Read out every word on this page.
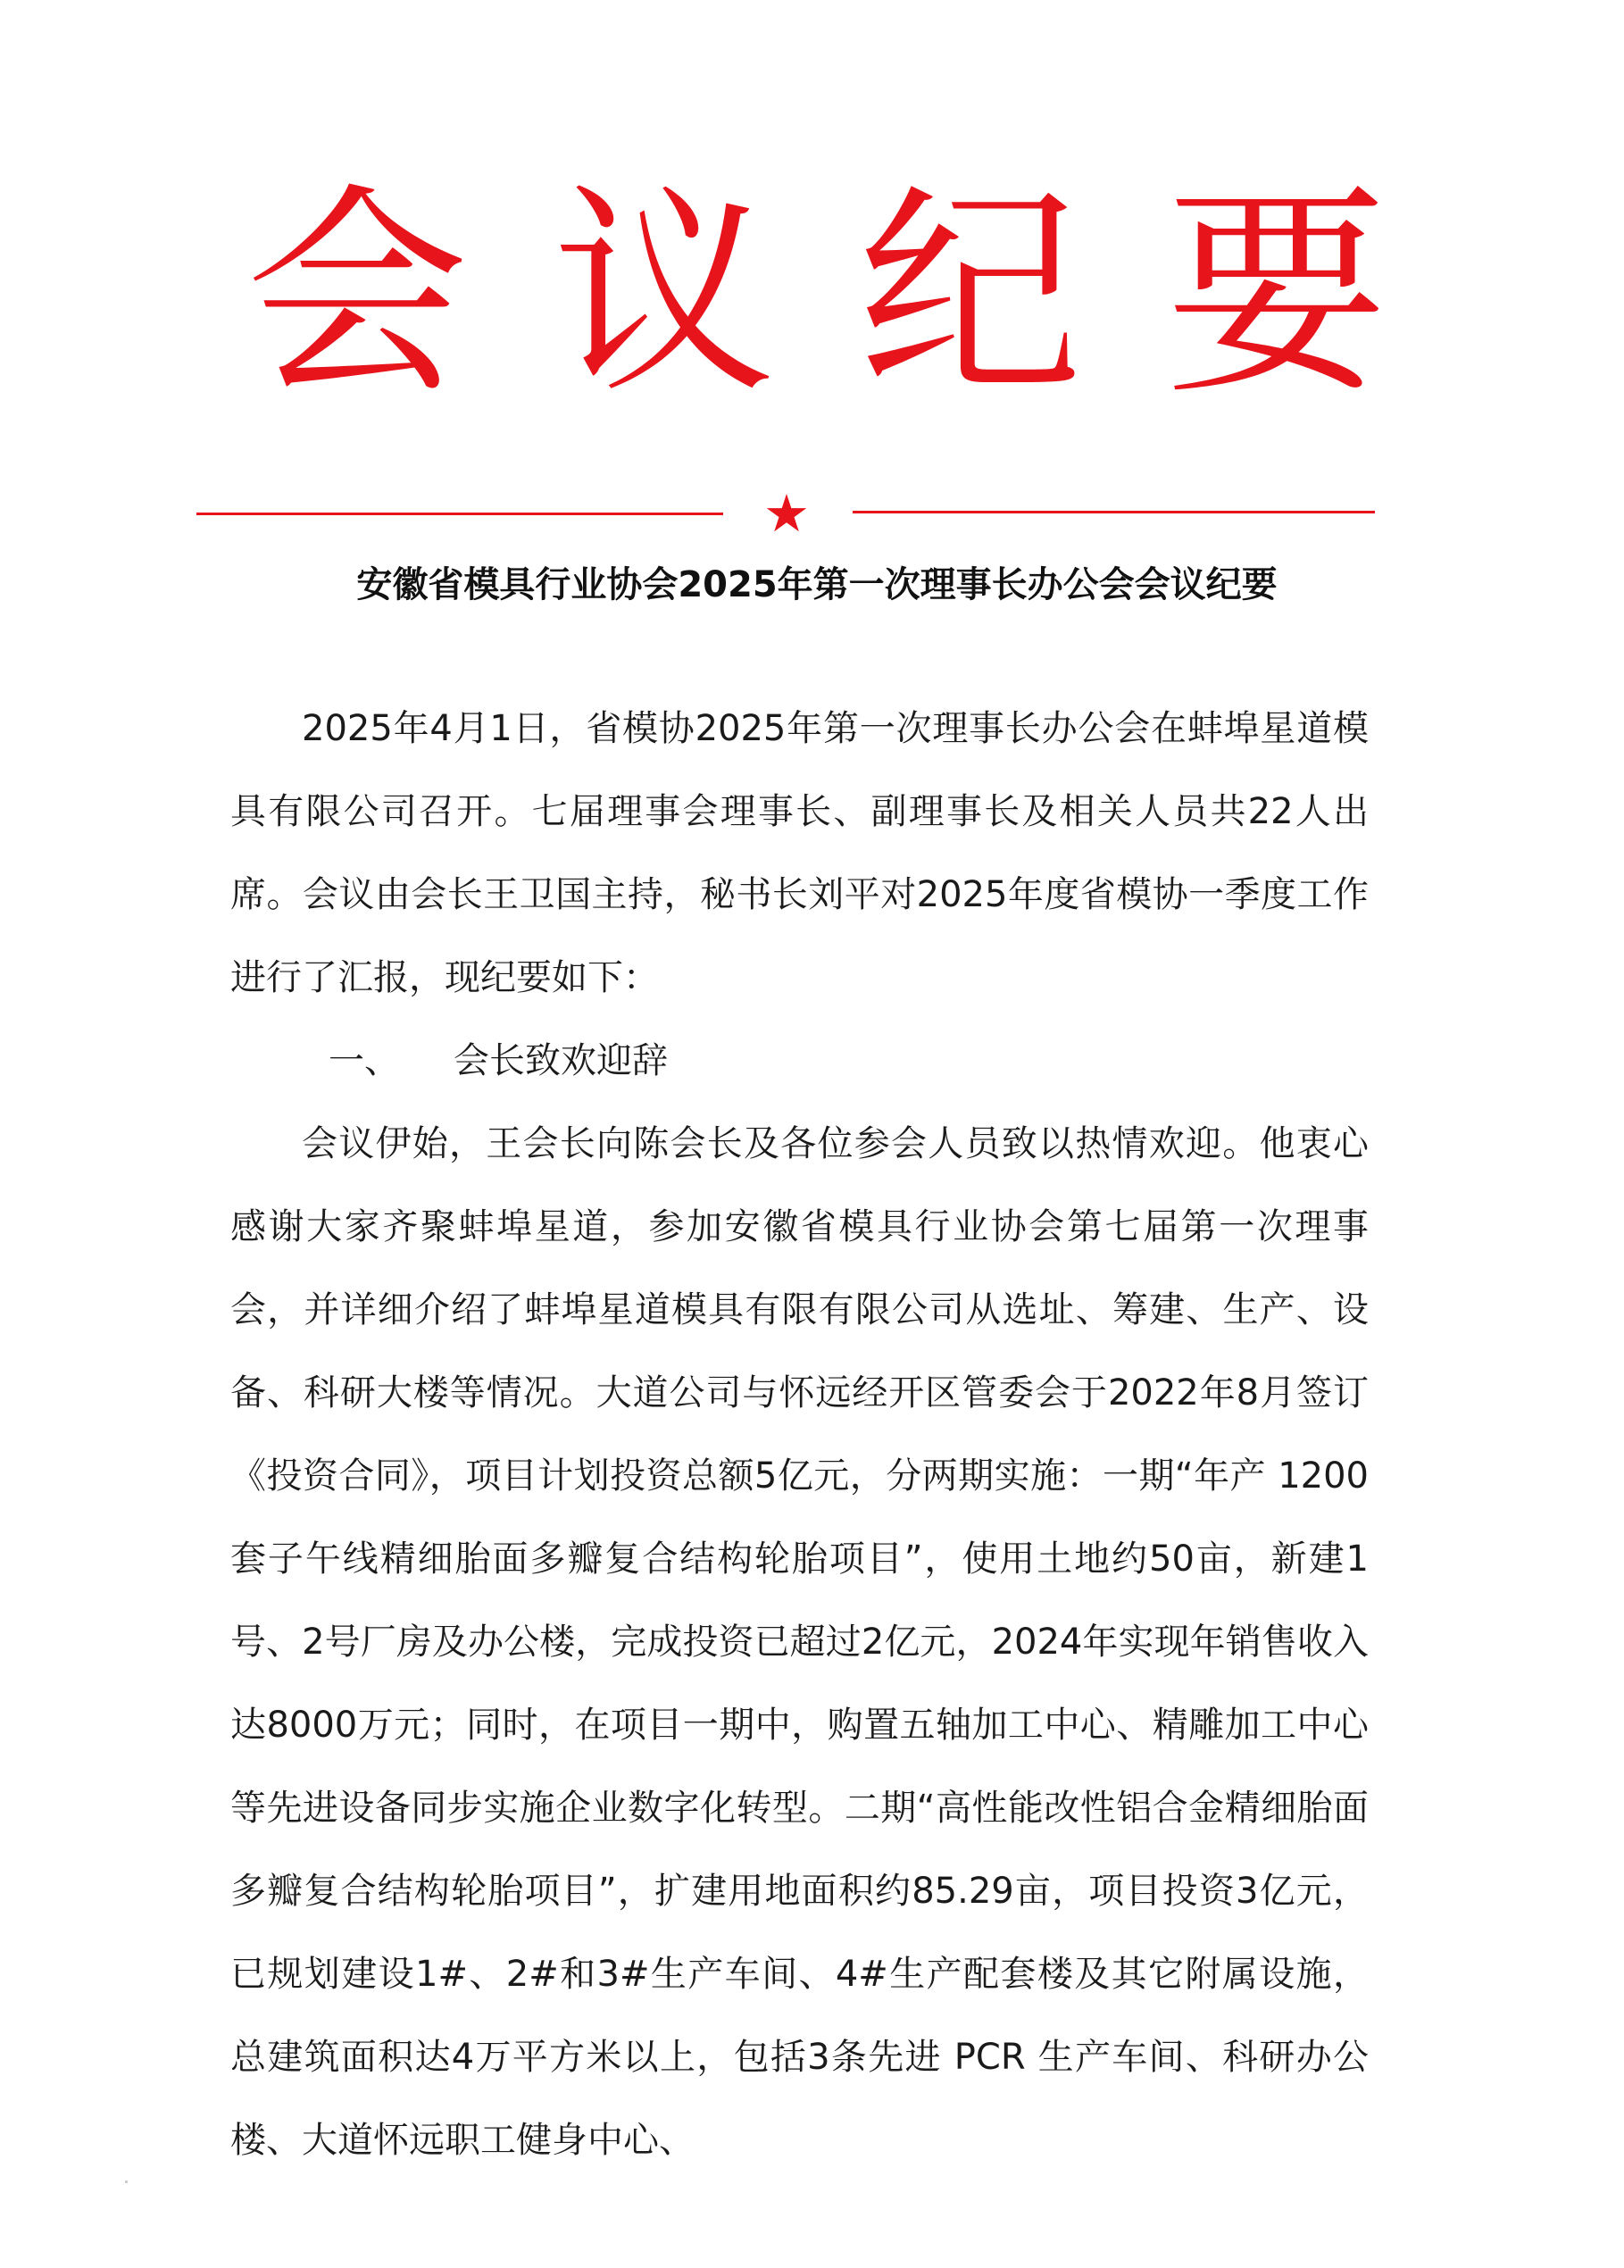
会 议 纪 要
★
安徽省模具行业协会2025年第一次理事长办公会会议纪要

2025年4月1日，省模协2025年第一次理事长办公会在蚌埠星道模具有限公司召开。七届理事会理事长、副理事长及相关人员共22人出席。会议由会长王卫国主持，秘书长刘平对2025年度省模协一季度工作进行了汇报，现纪要如下：

一、 会长致欢迎辞

会议伊始，王会长向陈会长及各位参会人员致以热情欢迎。他衷心感谢大家齐聚蚌埠星道，参加安徽省模具行业协会第七届第一次理事会，并详细介绍了蚌埠星道模具有限有限公司从选址、筹建、生产、设备、科研大楼等情况。大道公司与怀远经开区管委会于2022年8月签订《投资合同》，项目计划投资总额5亿元，分两期实施：一期“年产 1200套子午线精细胎面多瓣复合结构轮胎项目”，使用土地约50亩，新建1号、2号厂房及办公楼，完成投资已超过2亿元，2024年实现年销售收入达8000万元；同时，在项目一期中，购置五轴加工中心、精雕加工中心等先进设备同步实施企业数字化转型。二期“高性能改性铝合金精细胎面多瓣复合结构轮胎项目”，扩建用地面积约85.29亩，项目投资3亿元，已规划建设1#、2#和3#生产车间、4#生产配套楼及其它附属设施，总建筑面积达4万平方米以上，包括3条先进 PCR 生产车间、科研办公楼、大道怀远职工健身中心、
